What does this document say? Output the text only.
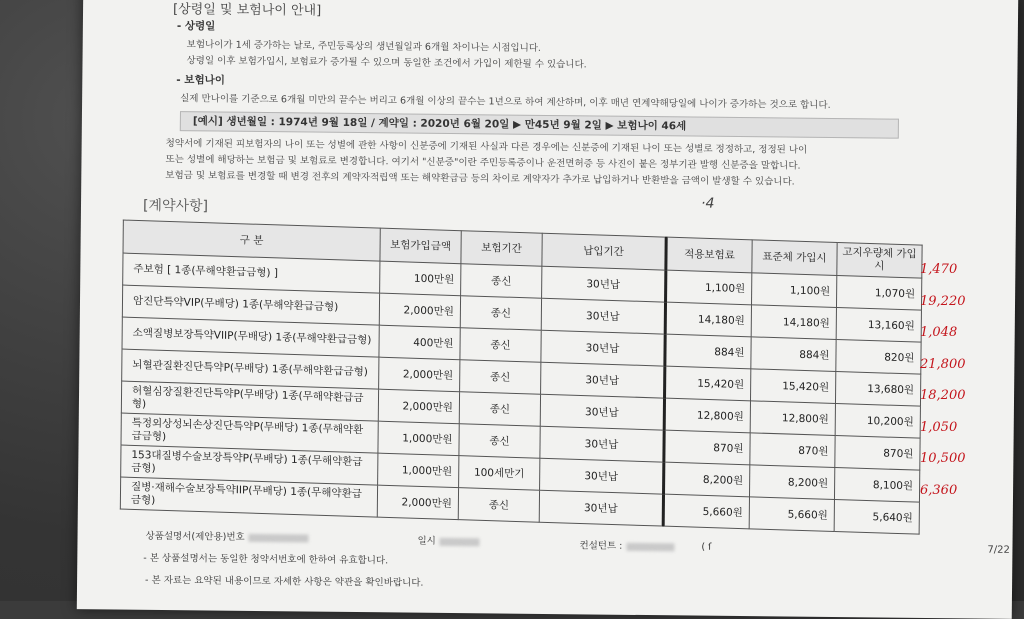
[상령일 및 보험나이 안내]
- 상령일
보험나이가 1세 증가하는 날로, 주민등록상의 생년월일과 6개월 차이나는 시점입니다.
상령일 이후 보험가입시, 보험료가 증가될 수 있으며 동일한 조건에서 가입이 제한될 수 있습니다.
- 보험나이
실제 만나이를 기준으로 6개월 미만의 끝수는 버리고 6개월 이상의 끝수는 1년으로 하여 계산하며, 이후 매년 연계약해당일에 나이가 증가하는 것으로 합니다.
[예시] 생년월일 : 1974년 9월 18일 / 계약일 : 2020년 6월 20일 ▶ 만45년 9월 2일 ▶ 보험나이 46세
청약서에 기재된 피보험자의 나이 또는 성별에 관한 사항이 신분증에 기재된 사실과 다른 경우에는 신분증에 기재된 나이 또는 성별로 정정하고, 정정된 나이
또는 성별에 해당하는 보험금 및 보험료로 변경합니다. 여기서 "신분증"이란 주민등록증이나 운전면허증 등 사진이 붙은 정부기관 발행 신분증을 말합니다.
보험금 및 보험료를 변경할 때 변경 전후의 계약자적립액 또는 해약환급금 등의 차이로 계약자가 추가로 납입하거나 반환받을 금액이 발생할 수 있습니다.
[계약사항]	·4
구 분	보험가입금액	보험기간	납입기간	적용보험료	표준체 가입시	고지우량체 가입시
주보험 [ 1종(무해약환급금형) ]	100만원	종신	30년납	1,100원	1,100원	1,070원
암진단특약VIP(무배당) 1종(무해약환급금형)	2,000만원	종신	30년납	14,180원	14,180원	13,160원
소액질병보장특약VIIP(무배당) 1종(무해약환급금형)	400만원	종신	30년납	884원	884원	820원
뇌혈관질환진단특약P(무배당) 1종(무해약환급금형)	2,000만원	종신	30년납	15,420원	15,420원	13,680원
허혈심장질환진단특약P(무배당) 1종(무해약환급금형)	2,000만원	종신	30년납	12,800원	12,800원	10,200원
특정외상성뇌손상진단특약P(무배당) 1종(무해약환급금형)	1,000만원	종신	30년납	870원	870원	870원
153대질병수술보장특약P(무배당) 1종(무해약환급금형)	1,000만원	100세만기	30년납	8,200원	8,200원	8,100원
질병·재해수술보장특약IIP(무배당) 1종(무해약환급금형)	2,000만원	종신	30년납	5,660원	5,660원	5,640원
상품설명서(제안용)번호	일시	컨설턴트 :	( ſ	7/22
- 본 상품설명서는 동일한 청약서번호에 한하여 유효합니다.
- 본 자료는 요약된 내용이므로 자세한 사항은 약관을 확인바랍니다.
1,470
19,220
1,048
21,800
18,200
1,050
10,500
6,360
